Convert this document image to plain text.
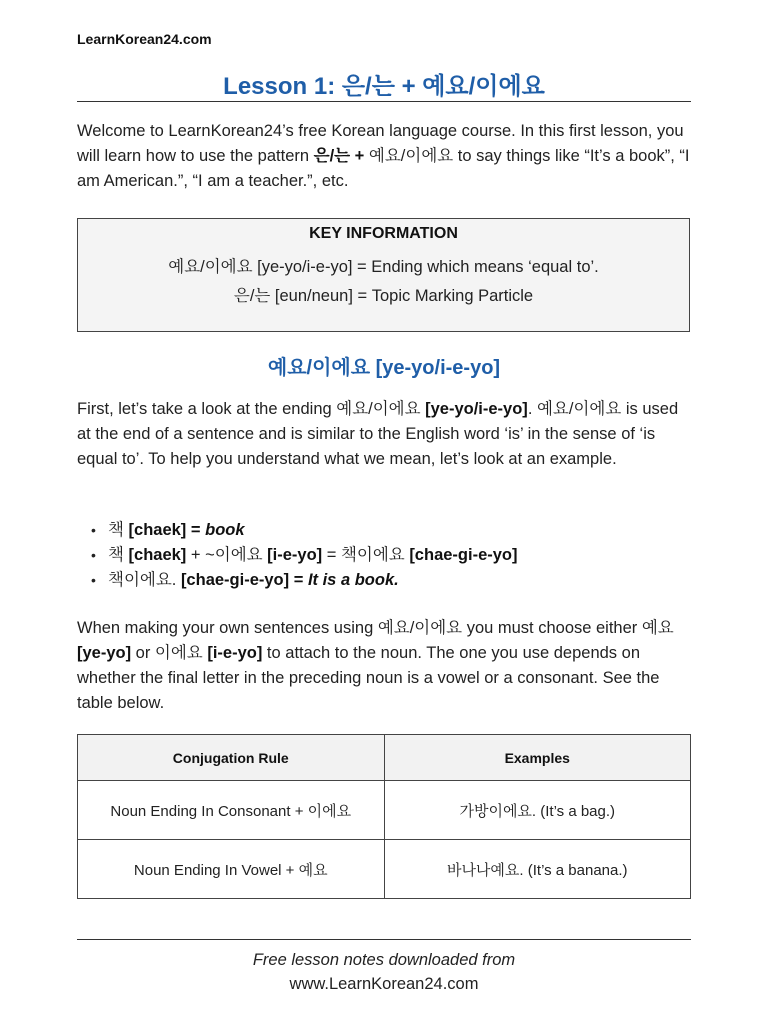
LearnKorean24.com
Lesson 1: 은/는 + 예요/이에요
Welcome to LearnKorean24’s free Korean language course. In this first lesson, you will learn how to use the pattern 은/는 + 예요/이에요 to say things like “It’s a book”, “I am American.”, “I am a teacher.”, etc.
KEY INFORMATION
예요/이에요 [ye-yo/i-e-yo] = Ending which means ‘equal to’.
은/는 [eun/neun] = Topic Marking Particle
예요/이에요 [ye-yo/i-e-yo]
First, let’s take a look at the ending 예요/이에요 [ye-yo/i-e-yo]. 예요/이에요 is used at the end of a sentence and is similar to the English word ‘is’ in the sense of ‘is equal to’. To help you understand what we mean, let’s look at an example.
• 책 [chaek] = book
• 책 [chaek] + ~이에요 [i-e-yo] = 책이에요 [chae-gi-e-yo]
• 책이에요. [chae-gi-e-yo] = It is a book.
When making your own sentences using 예요/이에요 you must choose either 예요 [ye-yo] or 이에요 [i-e-yo] to attach to the noun. The one you use depends on whether the final letter in the preceding noun is a vowel or a consonant. See the table below.
Conjugation Rule	Examples
Noun Ending In Consonant + 이에요	가방이에요. (It’s a bag.)
Noun Ending In Vowel + 예요	바나나예요. (It’s a banana.)
Free lesson notes downloaded from
www.LearnKorean24.com
